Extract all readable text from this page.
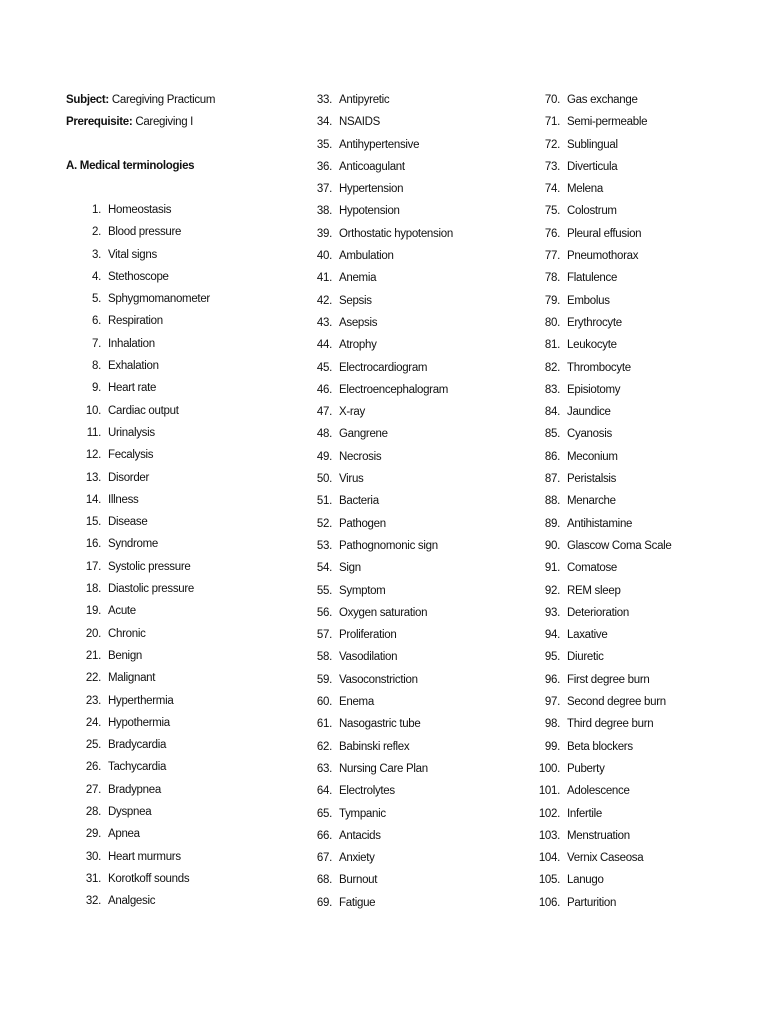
Subject: Caregiving Practicum
Prerequisite: Caregiving I
A. Medical terminologies
1. Homeostasis
2. Blood pressure
3. Vital signs
4. Stethoscope
5. Sphygmomanometer
6. Respiration
7. Inhalation
8. Exhalation
9. Heart rate
10. Cardiac output
11. Urinalysis
12. Fecalysis
13. Disorder
14. Illness
15. Disease
16. Syndrome
17. Systolic pressure
18. Diastolic pressure
19. Acute
20. Chronic
21. Benign
22. Malignant
23. Hyperthermia
24. Hypothermia
25. Bradycardia
26. Tachycardia
27. Bradypnea
28. Dyspnea
29. Apnea
30. Heart murmurs
31. Korotkoff sounds
32. Analgesic
33. Antipyretic
34. NSAIDS
35. Antihypertensive
36. Anticoagulant
37. Hypertension
38. Hypotension
39. Orthostatic hypotension
40. Ambulation
41. Anemia
42. Sepsis
43. Asepsis
44. Atrophy
45. Electrocardiogram
46. Electroencephalogram
47. X-ray
48. Gangrene
49. Necrosis
50. Virus
51. Bacteria
52. Pathogen
53. Pathognomonic sign
54. Sign
55. Symptom
56. Oxygen saturation
57. Proliferation
58. Vasodilation
59. Vasoconstriction
60. Enema
61. Nasogastric tube
62. Babinski reflex
63. Nursing Care Plan
64. Electrolytes
65. Tympanic
66. Antacids
67. Anxiety
68. Burnout
69. Fatigue
70. Gas exchange
71. Semi-permeable
72. Sublingual
73. Diverticula
74. Melena
75. Colostrum
76. Pleural effusion
77. Pneumothorax
78. Flatulence
79. Embolus
80. Erythrocyte
81. Leukocyte
82. Thrombocyte
83. Episiotomy
84. Jaundice
85. Cyanosis
86. Meconium
87. Peristalsis
88. Menarche
89. Antihistamine
90. Glascow Coma Scale
91. Comatose
92. REM sleep
93. Deterioration
94. Laxative
95. Diuretic
96. First degree burn
97. Second degree burn
98. Third degree burn
99. Beta blockers
100. Puberty
101. Adolescence
102. Infertile
103. Menstruation
104. Vernix Caseosa
105. Lanugo
106. Parturition
